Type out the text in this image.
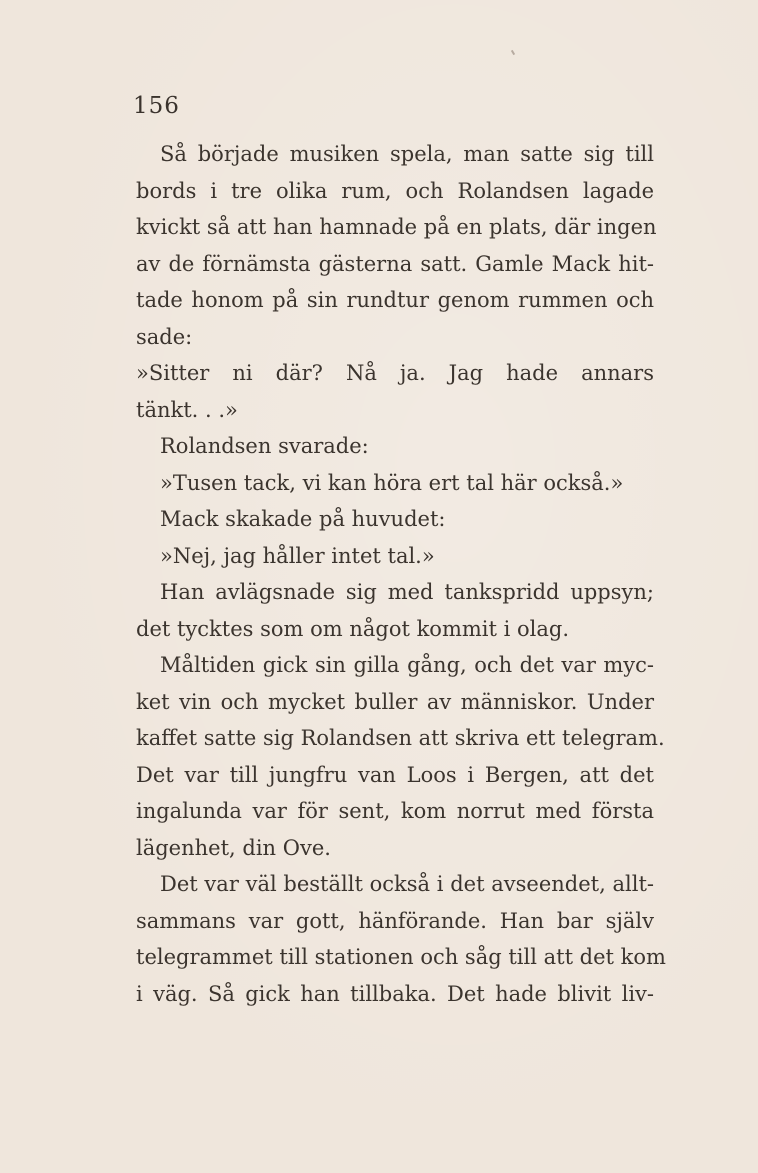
156
Så började musiken spela, man satte sig till
bords i tre olika rum, och Rolandsen lagade
kvickt så att han hamnade på en plats, där ingen
av de förnämsta gästerna satt. Gamle Mack hit-
tade honom på sin rundtur genom rummen och
sade:
»Sitter ni där? Nå ja. Jag hade annars
tänkt. . .»
Rolandsen svarade:
»Tusen tack, vi kan höra ert tal här också.»
Mack skakade på huvudet:
»Nej, jag håller intet tal.»
Han avlägsnade sig med tankspridd uppsyn;
det tycktes som om något kommit i olag.
Måltiden gick sin gilla gång, och det var myc-
ket vin och mycket buller av människor. Under
kaffet satte sig Rolandsen att skriva ett telegram.
Det var till jungfru van Loos i Bergen, att det
ingalunda var för sent, kom norrut med första
lägenhet, din Ove.
Det var väl beställt också i det avseendet, allt-
sammans var gott, hänförande. Han bar själv
telegrammet till stationen och såg till att det kom
i väg. Så gick han tillbaka. Det hade blivit liv-
